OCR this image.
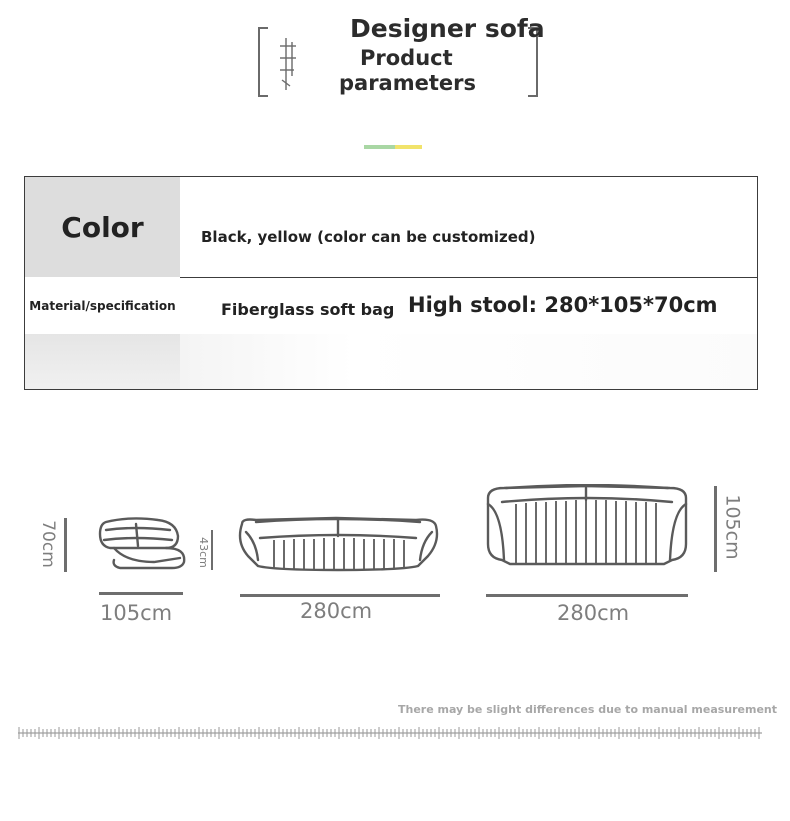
Designer sofa
Product
parameters
Color	Black, yellow (color can be customized)
Material/specification	Fiberglass soft bag High stool: 280*105*70cm
70cm
105cm
43cm
280cm
105cm
280cm
There may be slight differences due to manual measurement
